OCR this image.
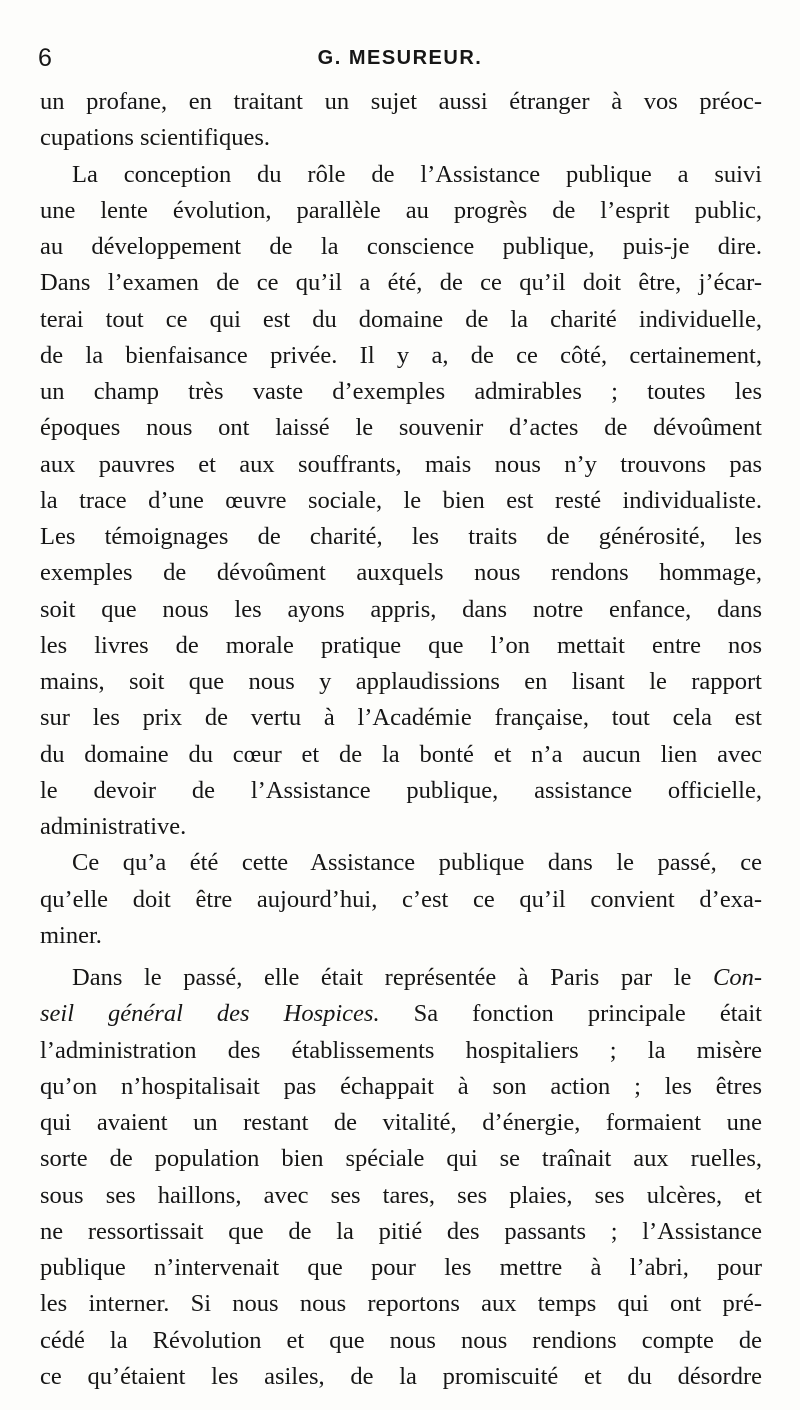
6	G. MESUREUR.
un profane, en traitant un sujet aussi étranger à vos préoc-
cupations scientifiques.
La conception du rôle de l’Assistance publique a suivi
une lente évolution, parallèle au progrès de l’esprit public,
au développement de la conscience publique, puis-je dire.
Dans l’examen de ce qu’il a été, de ce qu’il doit être, j’écar-
terai tout ce qui est du domaine de la charité individuelle,
de la bienfaisance privée. Il y a, de ce côté, certainement,
un champ très vaste d’exemples admirables ; toutes les
époques nous ont laissé le souvenir d’actes de dévoûment
aux pauvres et aux souffrants, mais nous n’y trouvons pas
la trace d’une œuvre sociale, le bien est resté individualiste.
Les témoignages de charité, les traits de générosité, les
exemples de dévoûment auxquels nous rendons hommage,
soit que nous les ayons appris, dans notre enfance, dans
les livres de morale pratique que l’on mettait entre nos
mains, soit que nous y applaudissions en lisant le rapport
sur les prix de vertu à l’Académie française, tout cela est
du domaine du cœur et de la bonté et n’a aucun lien avec
le devoir de l’Assistance publique, assistance officielle,
administrative.
Ce qu’a été cette Assistance publique dans le passé, ce
qu’elle doit être aujourd’hui, c’est ce qu’il convient d’exa-
miner.
Dans le passé, elle était représentée à Paris par le Con-
seil général des Hospices. Sa fonction principale était
l’administration des établissements hospitaliers ; la misère
qu’on n’hospitalisait pas échappait à son action ; les êtres
qui avaient un restant de vitalité, d’énergie, formaient une
sorte de population bien spéciale qui se traînait aux ruelles,
sous ses haillons, avec ses tares, ses plaies, ses ulcères, et
ne ressortissait que de la pitié des passants ; l’Assistance
publique n’intervenait que pour les mettre à l’abri, pour
les interner. Si nous nous reportons aux temps qui ont pré-
cédé la Révolution et que nous nous rendions compte de
ce qu’étaient les asiles, de la promiscuité et du désordre
